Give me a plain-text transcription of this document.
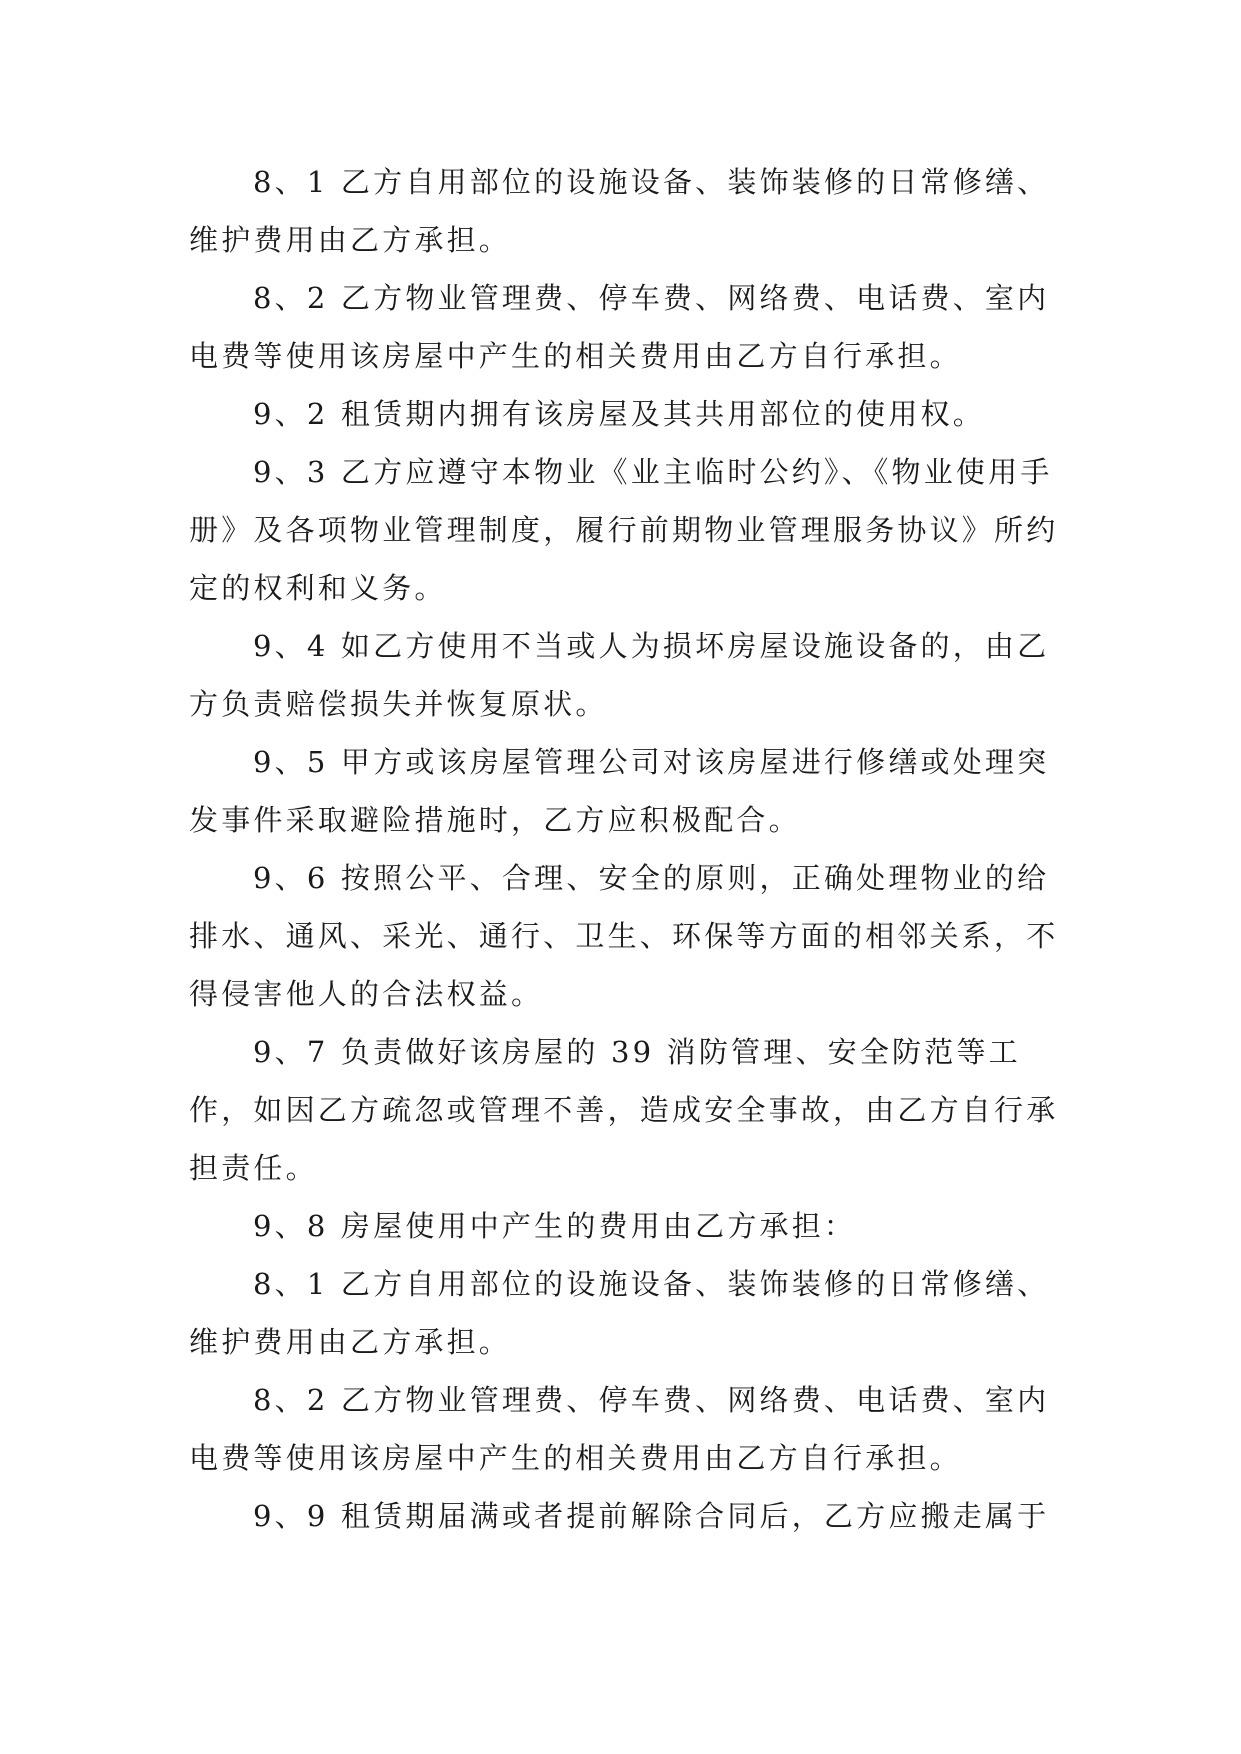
8、1 乙方自用部位的设施设备、装饰装修的日常修缮、维护费用由乙方承担。

8、2 乙方物业管理费、停车费、网络费、电话费、室内电费等使用该房屋中产生的相关费用由乙方自行承担。

9、2 租赁期内拥有该房屋及其共用部位的使用权。

9、3 乙方应遵守本物业《业主临时公约》、《物业使用手册》及各项物业管理制度，履行前期物业管理服务协议》所约定的权利和义务。

9、4 如乙方使用不当或人为损坏房屋设施设备的，由乙方负责赔偿损失并恢复原状。

9、5 甲方或该房屋管理公司对该房屋进行修缮或处理突发事件采取避险措施时，乙方应积极配合。

9、6 按照公平、合理、安全的原则，正确处理物业的给排水、通风、采光、通行、卫生、环保等方面的相邻关系，不得侵害他人的合法权益。

9、7 负责做好该房屋的 39 消防管理、安全防范等工作，如因乙方疏忽或管理不善，造成安全事故，由乙方自行承担责任。

9、8 房屋使用中产生的费用由乙方承担：

8、1 乙方自用部位的设施设备、装饰装修的日常修缮、维护费用由乙方承担。

8、2 乙方物业管理费、停车费、网络费、电话费、室内电费等使用该房屋中产生的相关费用由乙方自行承担。

9、9 租赁期届满或者提前解除合同后，乙方应搬走属于
